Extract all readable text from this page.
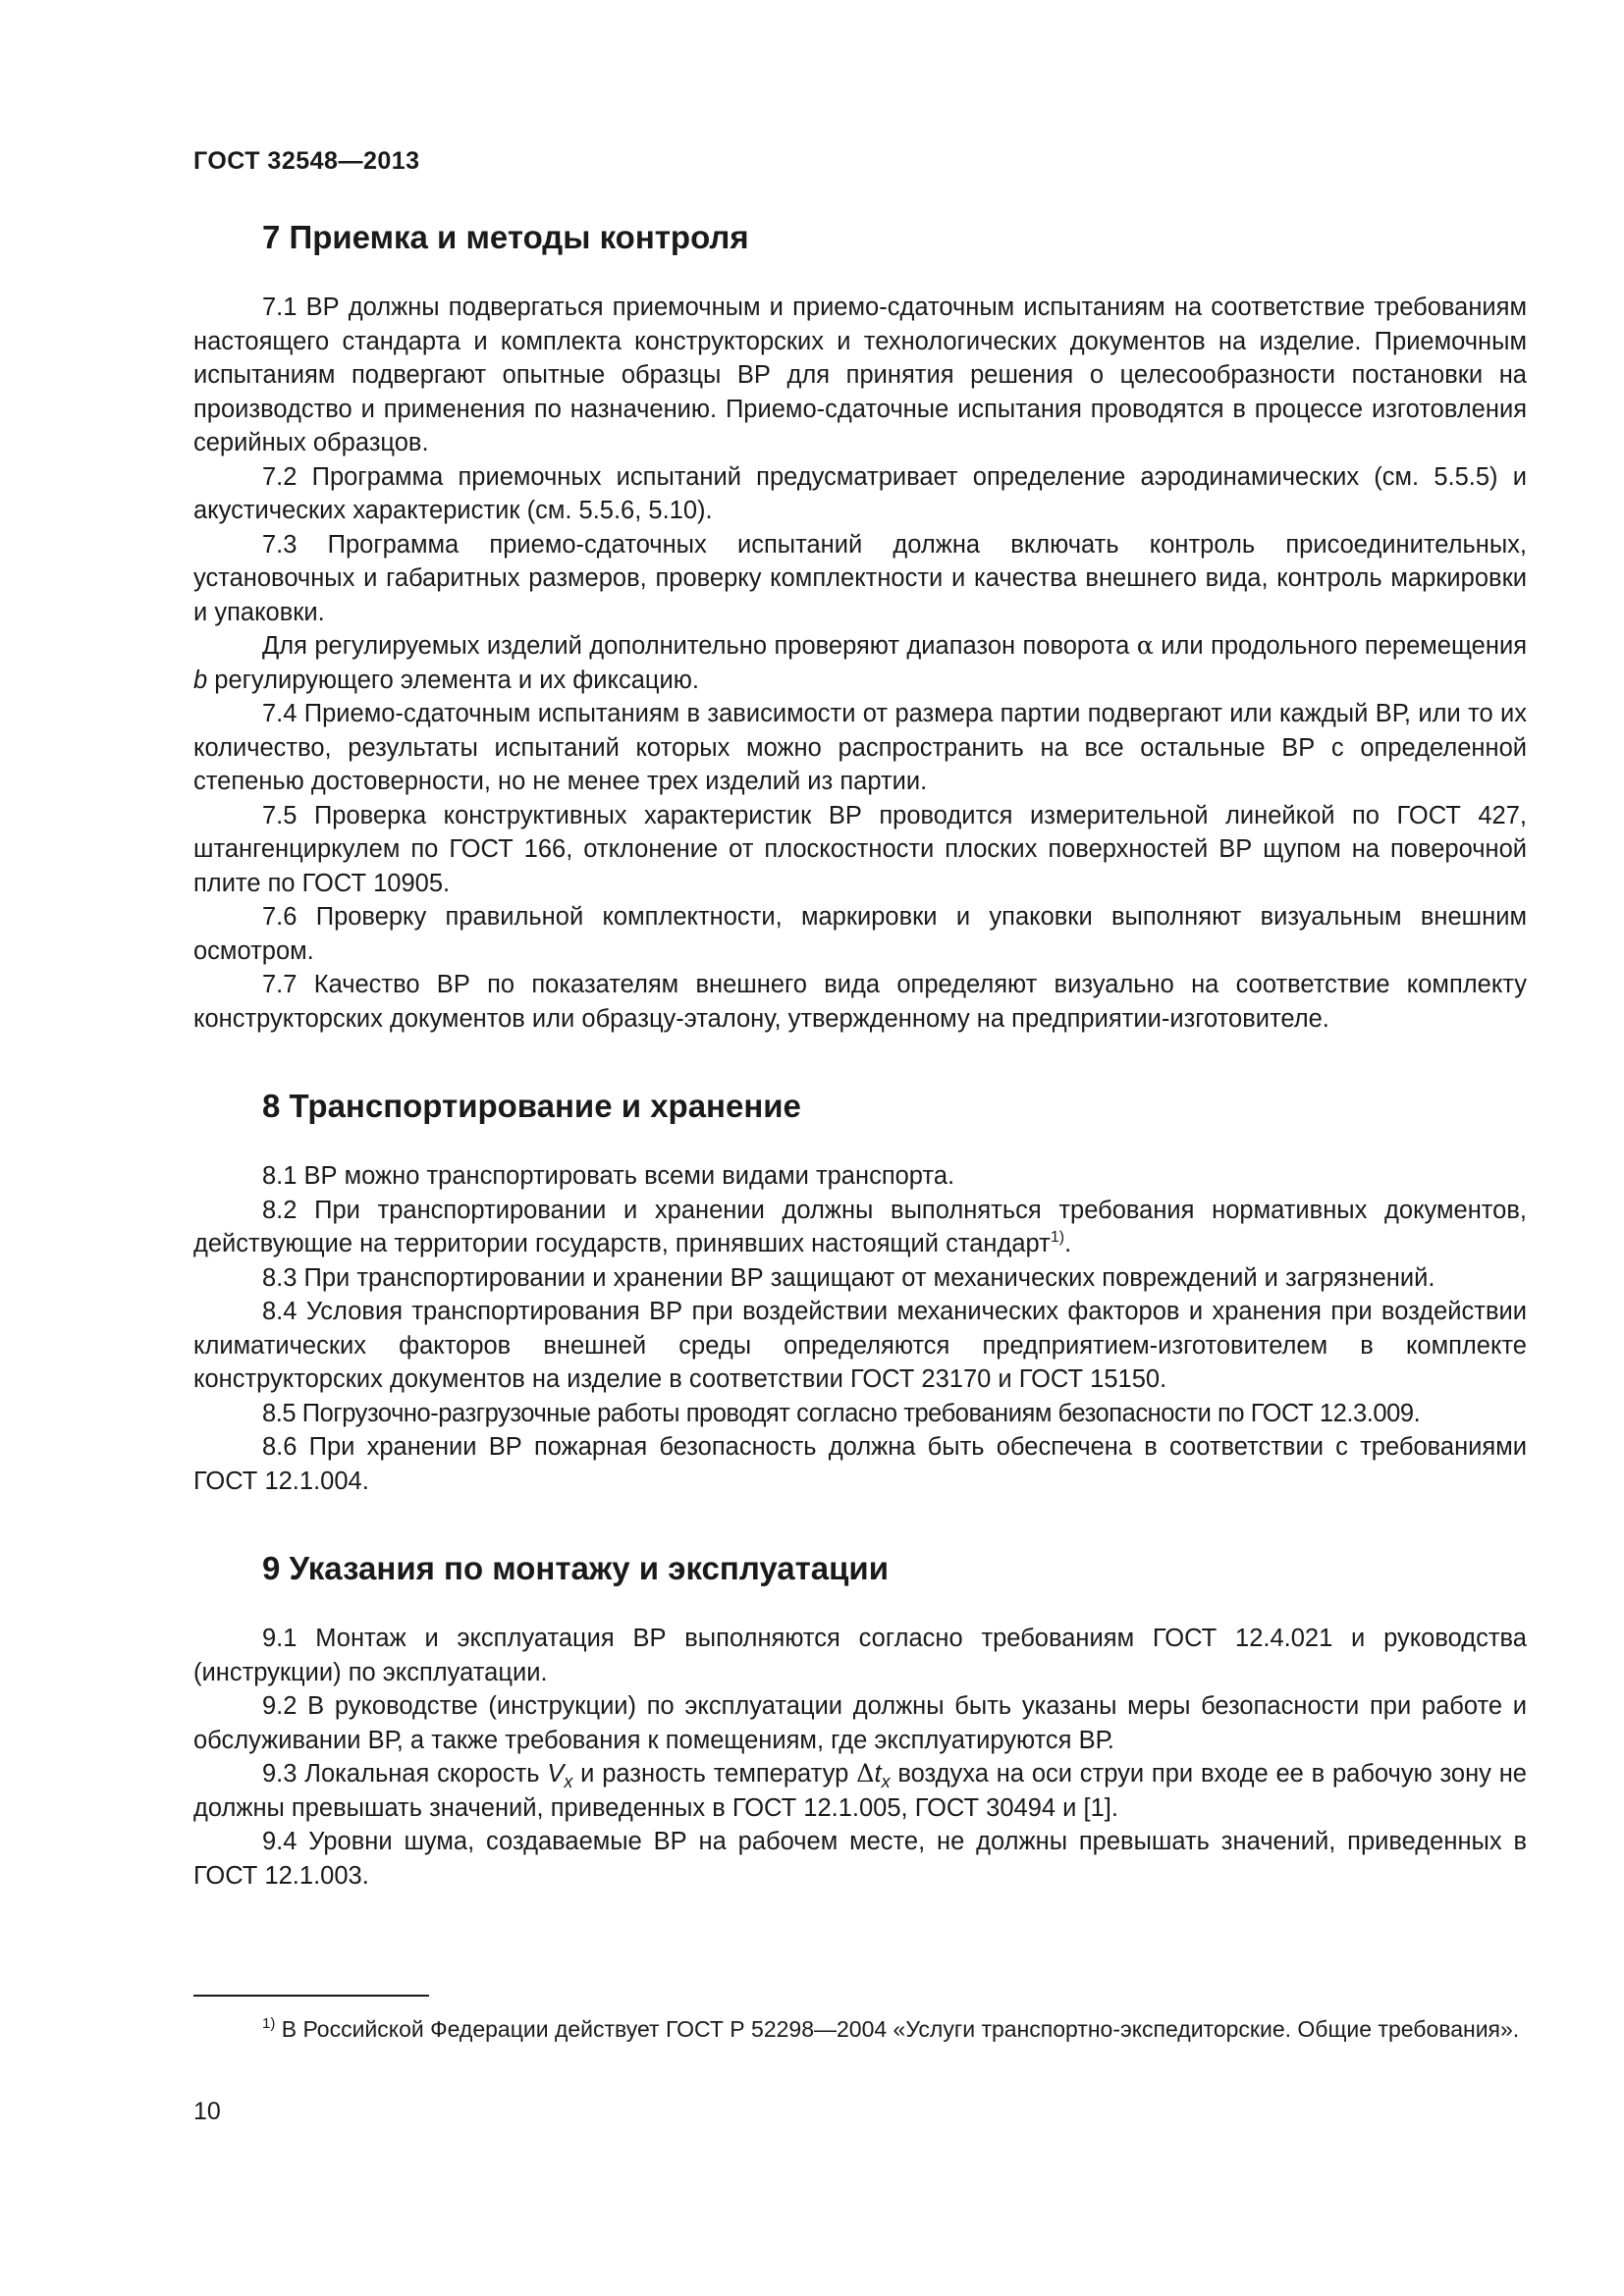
ГОСТ 32548—2013

7 Приемка и методы контроля

7.1 ВР должны подвергаться приемочным и приемо-сдаточным испытаниям на соответствие требованиям настоящего стандарта и комплекта конструкторских и технологических документов на изделие. Приемочным испытаниям подвергают опытные образцы ВР для принятия решения о целесообразности постановки на производство и применения по назначению. Приемо-сдаточные испытания проводятся в процессе изготовления серийных образцов.

7.2 Программа приемочных испытаний предусматривает определение аэродинамических (см. 5.5.5) и акустических характеристик (см. 5.5.6, 5.10).

7.3 Программа приемо-сдаточных испытаний должна включать контроль присоединительных, установочных и габаритных размеров, проверку комплектности и качества внешнего вида, контроль маркировки и упаковки.

Для регулируемых изделий дополнительно проверяют диапазон поворота α или продольного перемещения b регулирующего элемента и их фиксацию.

7.4 Приемо-сдаточным испытаниям в зависимости от размера партии подвергают или каждый ВР, или то их количество, результаты испытаний которых можно распространить на все остальные ВР с определенной степенью достоверности, но не менее трех изделий из партии.

7.5 Проверка конструктивных характеристик ВР проводится измерительной линейкой по ГОСТ 427, штангенциркулем по ГОСТ 166, отклонение от плоскостности плоских поверхностей ВР щупом на поверочной плите по ГОСТ 10905.

7.6 Проверку правильной комплектности, маркировки и упаковки выполняют визуальным внешним осмотром.

7.7 Качество ВР по показателям внешнего вида определяют визуально на соответствие комплекту конструкторских документов или образцу-эталону, утвержденному на предприятии-изготовителе.

8 Транспортирование и хранение

8.1 ВР можно транспортировать всеми видами транспорта.

8.2 При транспортировании и хранении должны выполняться требования нормативных документов, действующие на территории государств, принявших настоящий стандарт$^{1)}$.

8.3 При транспортировании и хранении ВР защищают от механических повреждений и загрязнений.

8.4 Условия транспортирования ВР при воздействии механических факторов и хранения при воздействии климатических факторов внешней среды определяются предприятием-изготовителем в комплекте конструкторских документов на изделие в соответствии ГОСТ 23170 и ГОСТ 15150.

8.5 Погрузочно-разгрузочные работы проводят согласно требованиям безопасности по ГОСТ 12.3.009.

8.6 При хранении ВР пожарная безопасность должна быть обеспечена в соответствии с требованиями ГОСТ 12.1.004.

9 Указания по монтажу и эксплуатации

9.1 Монтаж и эксплуатация ВР выполняются согласно требованиям ГОСТ 12.4.021 и руководства (инструкции) по эксплуатации.

9.2 В руководстве (инструкции) по эксплуатации должны быть указаны меры безопасности при работе и обслуживании ВР, а также требования к помещениям, где эксплуатируются ВР.

9.3 Локальная скорость $V_x$ и разность температур $\Delta t_x$ воздуха на оси струи при входе ее в рабочую зону не должны превышать значений, приведенных в ГОСТ 12.1.005, ГОСТ 30494 и [1].

9.4 Уровни шума, создаваемые ВР на рабочем месте, не должны превышать значений, приведенных в ГОСТ 12.1.003.

$^{1)}$ В Российской Федерации действует ГОСТ Р 52298—2004 «Услуги транспортно-экспедиторские. Общие требования».

10
